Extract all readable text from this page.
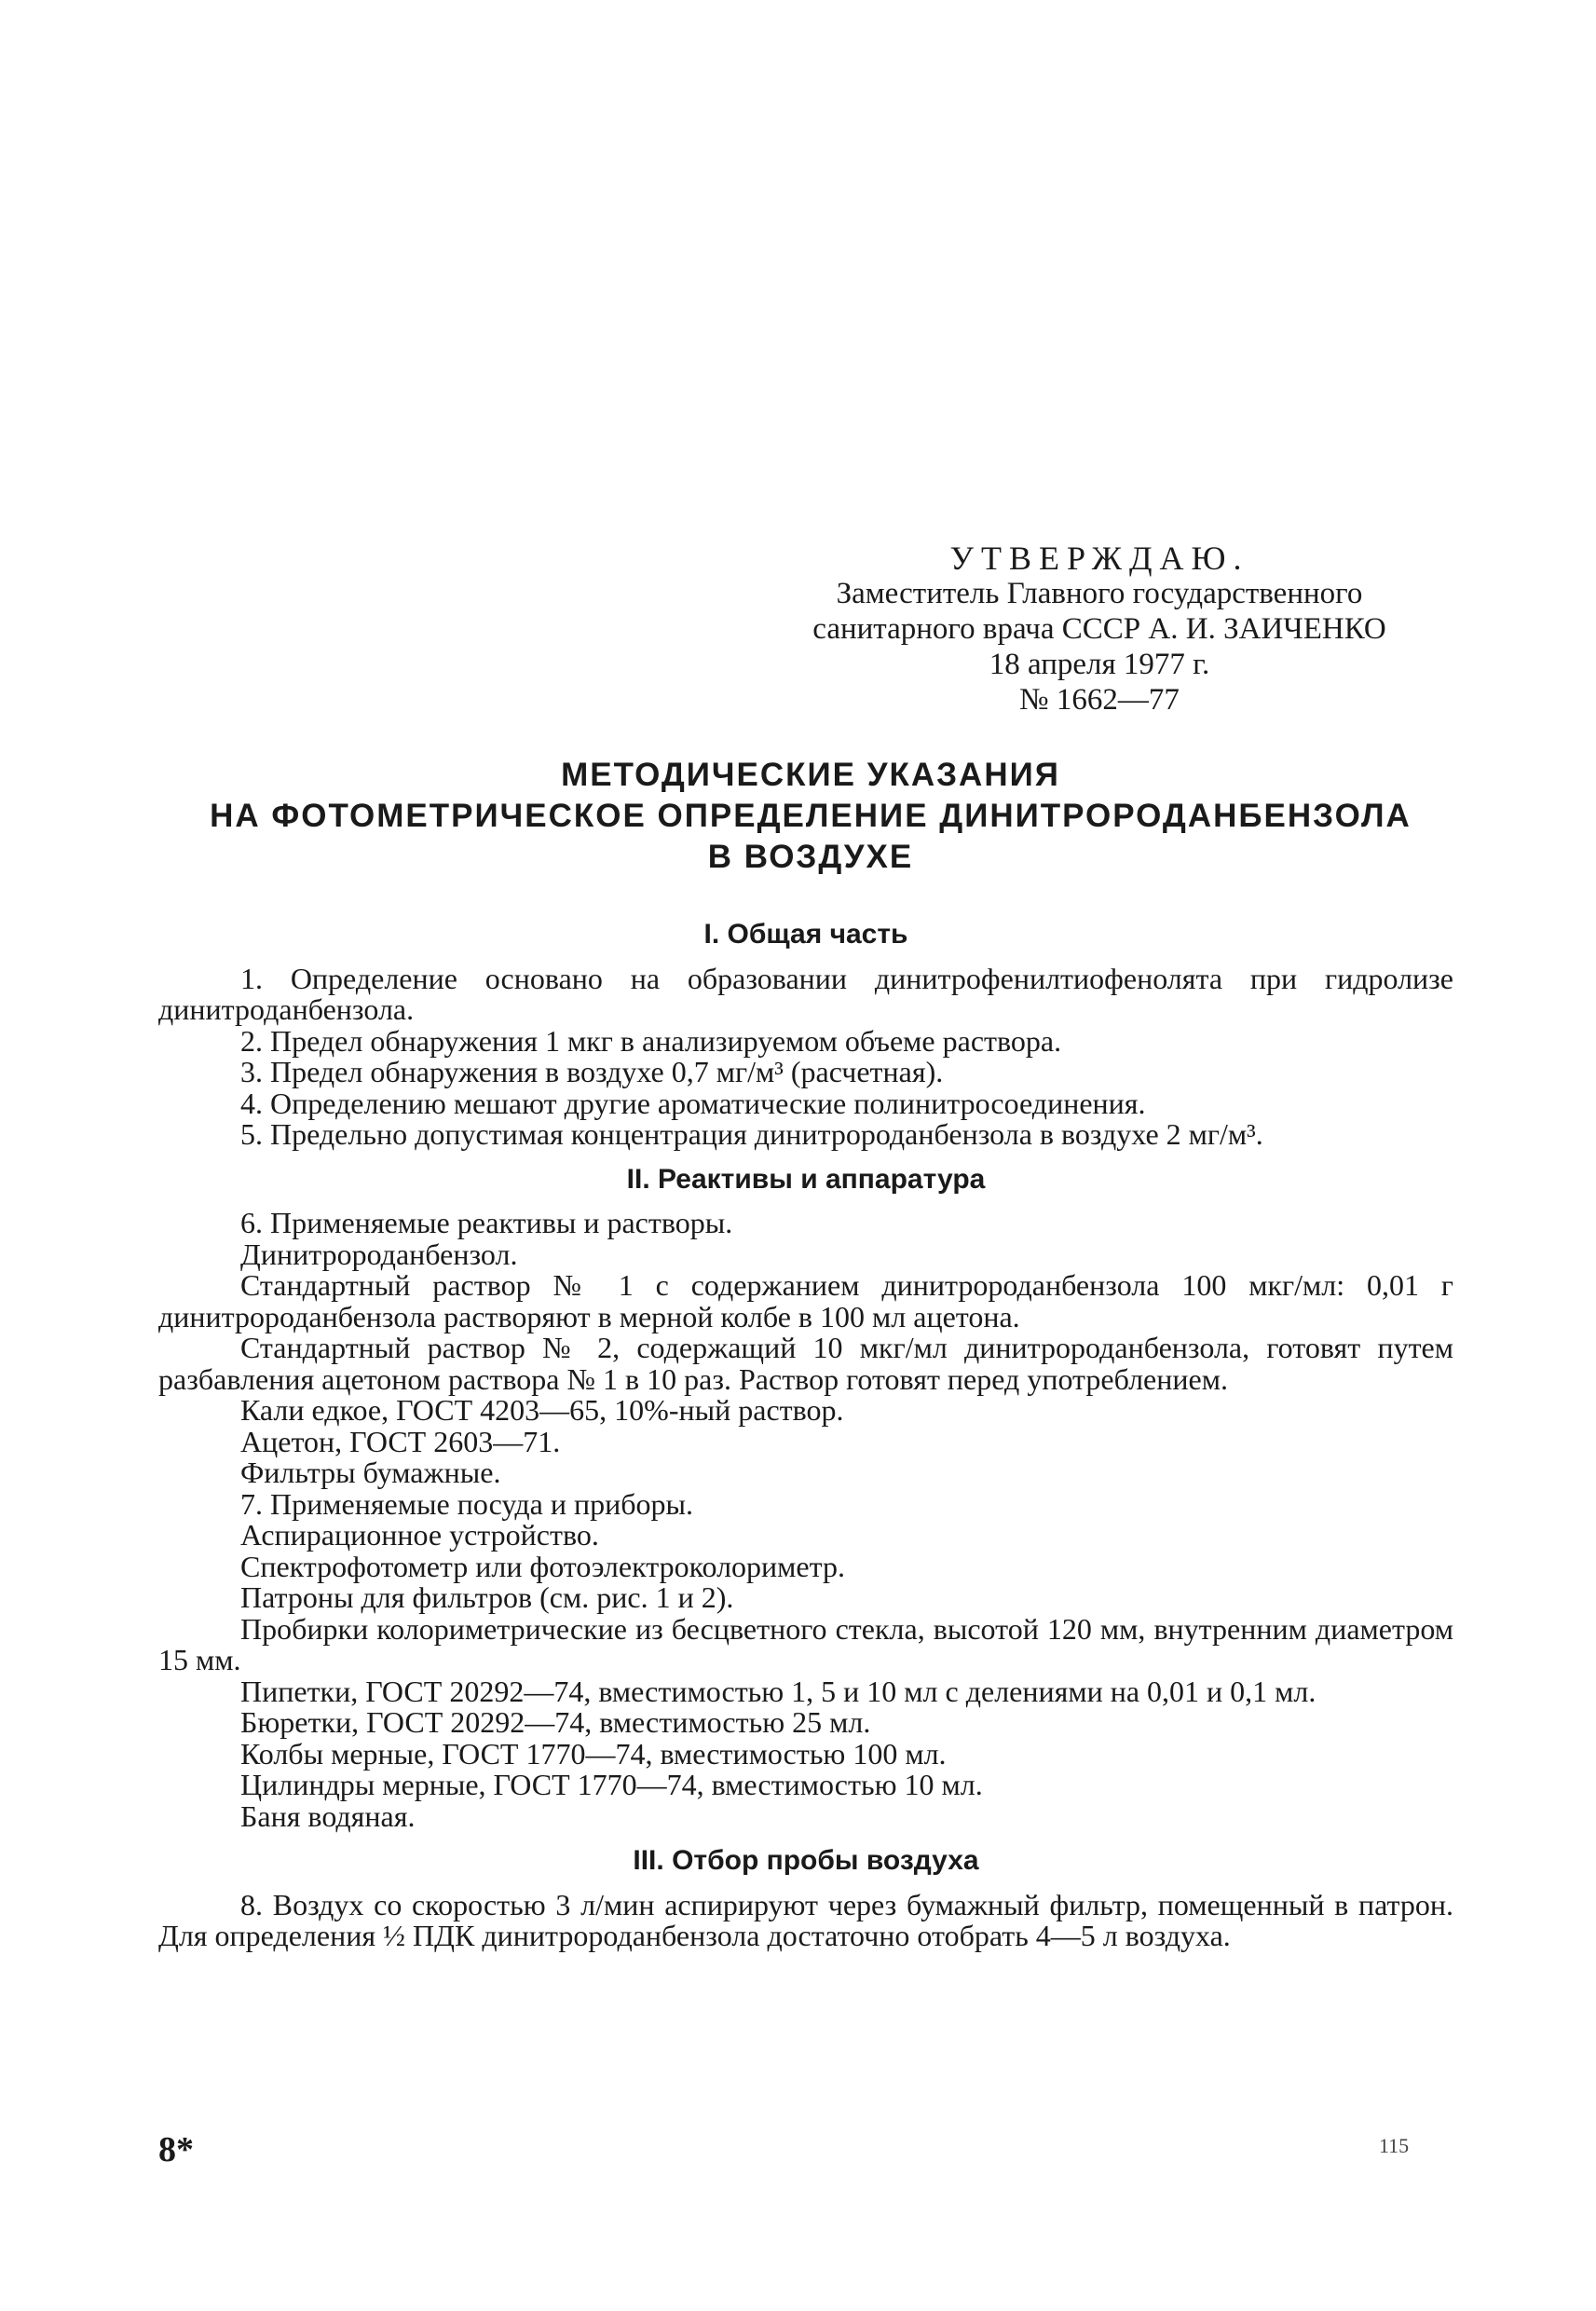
УТВЕРЖДАЮ.
Заместитель Главного государственного
санитарного врача СССР А. И. ЗАИЧЕНКО
18 апреля 1977 г.
№ 1662—77
МЕТОДИЧЕСКИЕ УКАЗАНИЯ
НА ФОТОМЕТРИЧЕСКОЕ ОПРЕДЕЛЕНИЕ ДИНИТРОРОДАНБЕНЗОЛА
В ВОЗДУХЕ
I. Общая часть

1. Определение основано на образовании динитрофенилтиофенолята при гидролизе динитроданбензола.

2. Предел обнаружения 1 мкг в анализируемом объеме раствора.

3. Предел обнаружения в воздухе 0,7 мг/м³ (расчетная).

4. Определению мешают другие ароматические полинитросоединения.

5. Предельно допустимая концентрация динитророданбензола в воздухе 2 мг/м³.

II. Реактивы и аппаратура

6. Применяемые реактивы и растворы.

Динитророданбензол.

Стандартный раствор № 1 с содержанием динитророданбензола 100 мкг/мл: 0,01 г динитророданбензола растворяют в мерной колбе в 100 мл ацетона.

Стандартный раствор № 2, содержащий 10 мкг/мл динитророданбензола, готовят путем разбавления ацетоном раствора № 1 в 10 раз. Раствор готовят перед употреблением.

Кали едкое, ГОСТ 4203—65, 10%-ный раствор.

Ацетон, ГОСТ 2603—71.

Фильтры бумажные.

7. Применяемые посуда и приборы.

Аспирационное устройство.

Спектрофотометр или фотоэлектроколориметр.

Патроны для фильтров (см. рис. 1 и 2).

Пробирки колориметрические из бесцветного стекла, высотой 120 мм, внутренним диаметром 15 мм.

Пипетки, ГОСТ 20292—74, вместимостью 1, 5 и 10 мл с делениями на 0,01 и 0,1 мл.

Бюретки, ГОСТ 20292—74, вместимостью 25 мл.

Колбы мерные, ГОСТ 1770—74, вместимостью 100 мл.

Цилиндры мерные, ГОСТ 1770—74, вместимостью 10 мл.

Баня водяная.

III. Отбор пробы воздуха

8. Воздух со скоростью 3 л/мин аспирируют через бумажный фильтр, помещенный в патрон. Для определения ½ ПДК динитророданбензола достаточно отобрать 4—5 л воздуха.

8*	115
